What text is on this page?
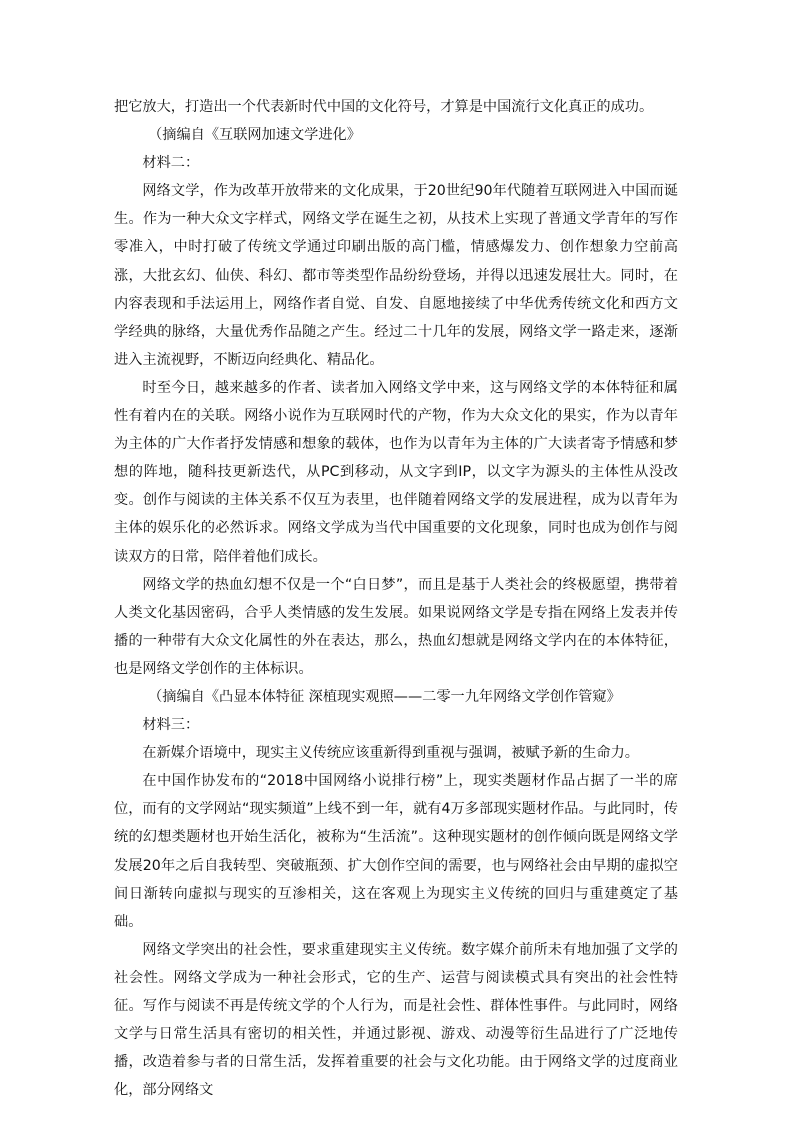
把它放大，打造出一个代表新时代中国的文化符号，才算是中国流行文化真正的成功。

（摘编自《互联网加速文学进化》

材料二：

网络文学，作为改革开放带来的文化成果，于20世纪90年代随着互联网进入中国而诞生。作为一种大众文字样式，网络文学在诞生之初，从技术上实现了普通文学青年的写作零准入，中时打破了传统文学通过印刷出版的高门槛，情感爆发力、创作想象力空前高涨，大批玄幻、仙侠、科幻、都市等类型作品纷纷登场，并得以迅速发展壮大。同时，在内容表现和手法运用上，网络作者自觉、自发、自愿地接续了中华优秀传统文化和西方文学经典的脉络，大量优秀作品随之产生。经过二十几年的发展，网络文学一路走来，逐渐进入主流视野，不断迈向经典化、精品化。

时至今日，越来越多的作者、读者加入网络文学中来，这与网络文学的本体特征和属性有着内在的关联。网络小说作为互联网时代的产物，作为大众文化的果实，作为以青年为主体的广大作者抒发情感和想象的载体，也作为以青年为主体的广大读者寄予情感和梦想的阵地，随科技更新迭代，从PC到移动，从文字到IP，以文字为源头的主体性从没改变。创作与阅读的主体关系不仅互为表里，也伴随着网络文学的发展进程，成为以青年为主体的娱乐化的必然诉求。网络文学成为当代中国重要的文化现象，同时也成为创作与阅读双方的日常，陪伴着他们成长。

网络文学的热血幻想不仅是一个“白日梦”，而且是基于人类社会的终极愿望，携带着人类文化基因密码，合乎人类情感的发生发展。如果说网络文学是专指在网络上发表并传播的一种带有大众文化属性的外在表达，那么，热血幻想就是网络文学内在的本体特征，也是网络文学创作的主体标识。

（摘编自《凸显本体特征 深植现实观照——二零一九年网络文学创作管窥》

材料三：

在新媒介语境中，现实主义传统应该重新得到重视与强调，被赋予新的生命力。

在中国作协发布的“2018中国网络小说排行榜”上，现实类题材作品占据了一半的席位，而有的文学网站“现实频道”上线不到一年，就有4万多部现实题材作品。与此同时，传统的幻想类题材也开始生活化，被称为“生活流”。这种现实题材的创作倾向既是网络文学发展20年之后自我转型、突破瓶颈、扩大创作空间的需要，也与网络社会由早期的虚拟空间日渐转向虚拟与现实的互渗相关，这在客观上为现实主义传统的回归与重建奠定了基础。

网络文学突出的社会性，要求重建现实主义传统。数字媒介前所未有地加强了文学的社会性。网络文学成为一种社会形式，它的生产、运营与阅读模式具有突出的社会性特征。写作与阅读不再是传统文学的个人行为，而是社会性、群体性事件。与此同时，网络文学与日常生活具有密切的相关性，并通过影视、游戏、动漫等衍生品进行了广泛地传播，改造着参与者的日常生活，发挥着重要的社会与文化功能。由于网络文学的过度商业化，部分网络文
